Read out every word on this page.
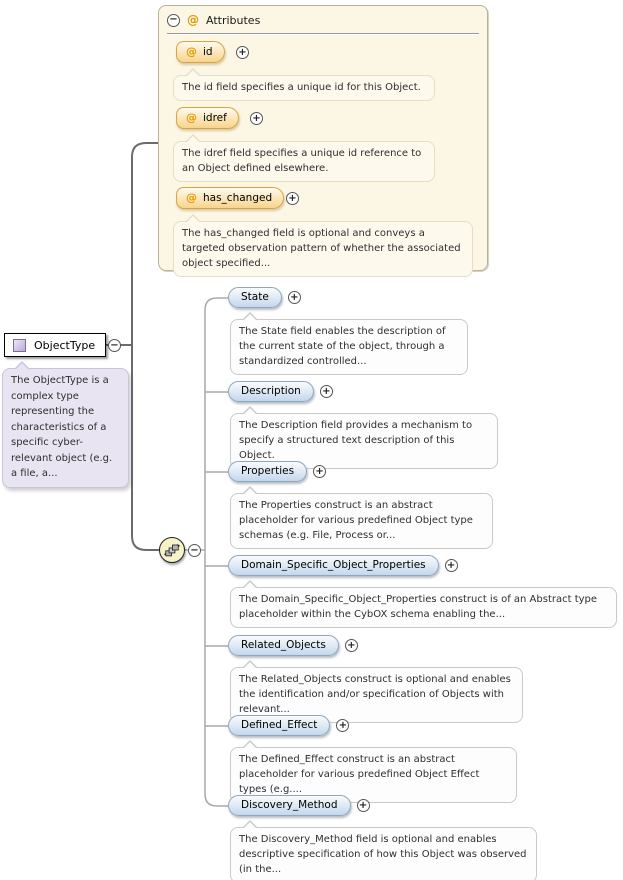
− @ Attributes
@ id	+
The id field specifies a unique id for this Object.
@ idref	+
The idref field specifies a unique id reference to an Object defined elsewhere.
@ has_changed +
The has_changed field is optional and conveys a targeted observation pattern of whether the associated object specified...
ObjectType −
The ObjectType is a complex type representing the characteristics of a specific cyber-relevant object (e.g. a file, a...
−
State	+
The State field enables the description of the current state of the object, through a standardized controlled...
Description	+
The Description field provides a mechanism to specify a structured text description of this Object.
Properties	+
The Properties construct is an abstract placeholder for various predefined Object type schemas (e.g. File, Process or...
Domain_Specific_Object_Properties	+
The Domain_Specific_Object_Properties construct is of an Abstract type placeholder within the CybOX schema enabling the...
Related_Objects	+
The Related_Objects construct is optional and enables the identification and/or specification of Objects with relevant...
Defined_Effect	+
The Defined_Effect construct is an abstract placeholder for various predefined Object Effect types (e.g....
Discovery_Method	+
The Discovery_Method field is optional and enables descriptive specification of how this Object was observed (in the...
